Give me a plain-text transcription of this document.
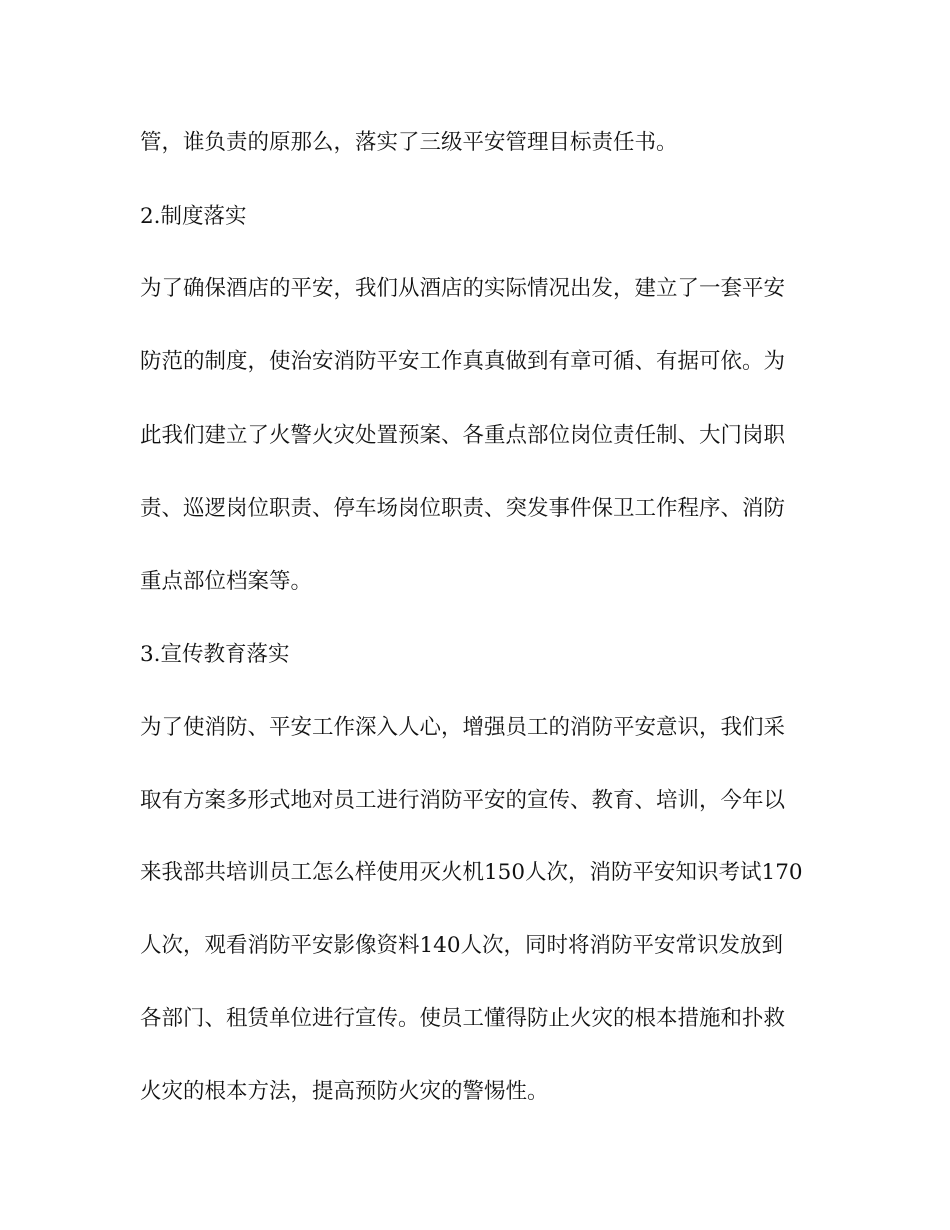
管，谁负责的原那么，落实了三级平安管理目标责任书。

2.制度落实

为了确保酒店的平安，我们从酒店的实际情况出发，建立了一套平安

防范的制度，使治安消防平安工作真真做到有章可循、有据可依。为

此我们建立了火警火灾处置预案、各重点部位岗位责任制、大门岗职

责、巡逻岗位职责、停车场岗位职责、突发事件保卫工作程序、消防

重点部位档案等。

3.宣传教育落实

为了使消防、平安工作深入人心，增强员工的消防平安意识，我们采

取有方案多形式地对员工进行消防平安的宣传、教育、培训，今年以

来我部共培训员工怎么样使用灭火机150人次，消防平安知识考试170

人次，观看消防平安影像资料140人次，同时将消防平安常识发放到

各部门、租赁单位进行宣传。使员工懂得防止火灾的根本措施和扑救

火灾的根本方法，提高预防火灾的警惕性。
